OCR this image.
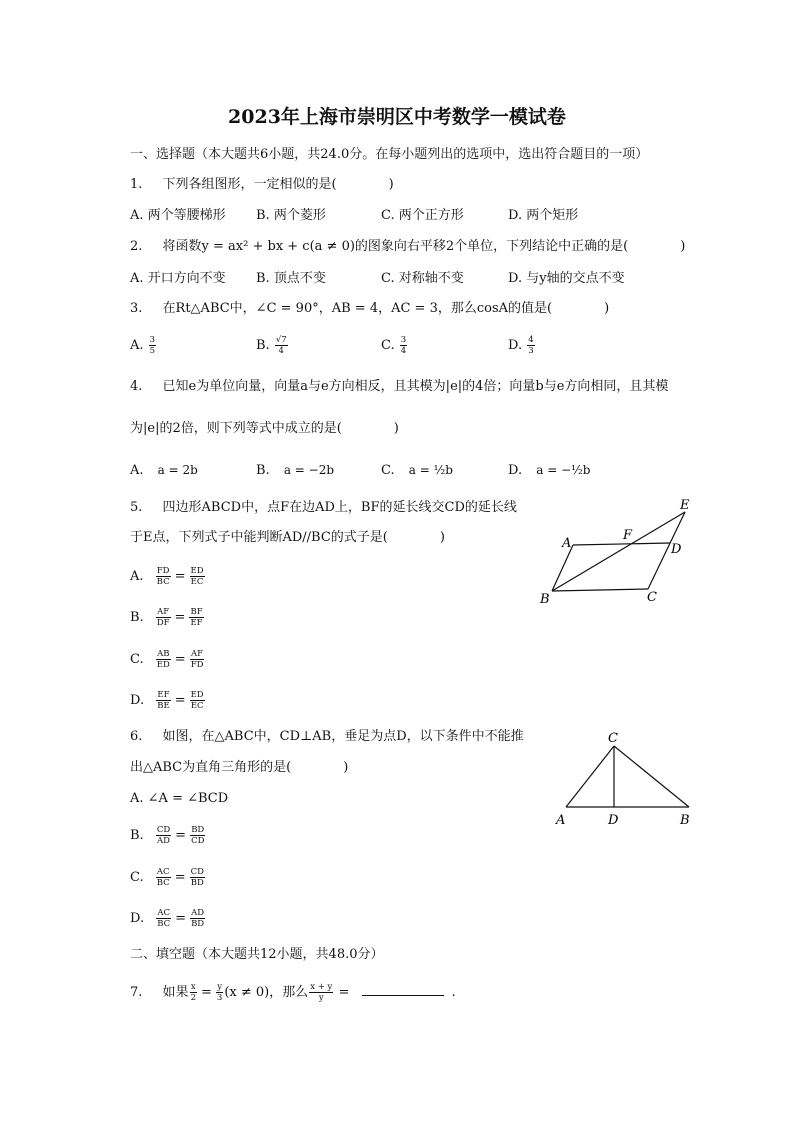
2023年上海市崇明区中考数学一模试卷
一、选择题（本大题共6小题，共24.0分。在每小题列出的选项中，选出符合题目的一项）
1. 下列各组图形，一定相似的是(　　　　)
A. 两个等腰梯形 B. 两个菱形	C. 两个正方形	D. 两个矩形
2. 将函数y = ax² + bx + c(a ≠ 0)的图象向右平移2个单位，下列结论中正确的是(　　　　)
A. 开口方向不变 B. 顶点不变	C. 对称轴不变	D. 与y轴的交点不变
3. 在Rt△ABC中，∠C = 90°，AB = 4，AC = 3，那么cosA的值是(　　　　)
A. $\frac{3}{5}$	B. $\frac{√7}{4}$	C. $\frac{3}{4}$	D. $\frac{4}{3}$
4. 已知e为单位向量，向量a与e方向相反，且其模为|e|的4倍；向量b与e方向相同，且其模
为|e|的2倍，则下列等式中成立的是(　　　　)
A. a = 2b	B. a = −2b	C. a = ½b	D. a = −½b
5. 四边形ABCD中，点F在边AD上，BF的延长线交CD的延长线
于E点，下列式子中能判断AD//BC的式子是(　　　　)
A. $\frac{FD}{BC} = \frac{ED}{EC}$
B. $\frac{AF}{DF} = \frac{BF}{EF}$
C. $\frac{AB}{ED} = \frac{AF}{FD}$
D. $\frac{EF}{BE} = \frac{ED}{EC}$
A
B	C
D
E
F
6. 如图，在△ABC中，CD⊥AB，垂足为点D，以下条件中不能推
出△ABC为直角三角形的是(　　　　)
A. ∠A = ∠BCD
B. $\frac{CD}{AD} = \frac{BD}{CD}$
C. $\frac{AC}{BC} = \frac{CD}{BD}$
D. $\frac{AC}{BC} = \frac{AD}{BD}$
A	B
C
D
二、填空题（本大题共12小题，共48.0分）
7. 如果 $\frac{x}{2} = \frac{y}{3} (x \ne 0)$，那么 $\frac{x + y}{y}$ =	.
